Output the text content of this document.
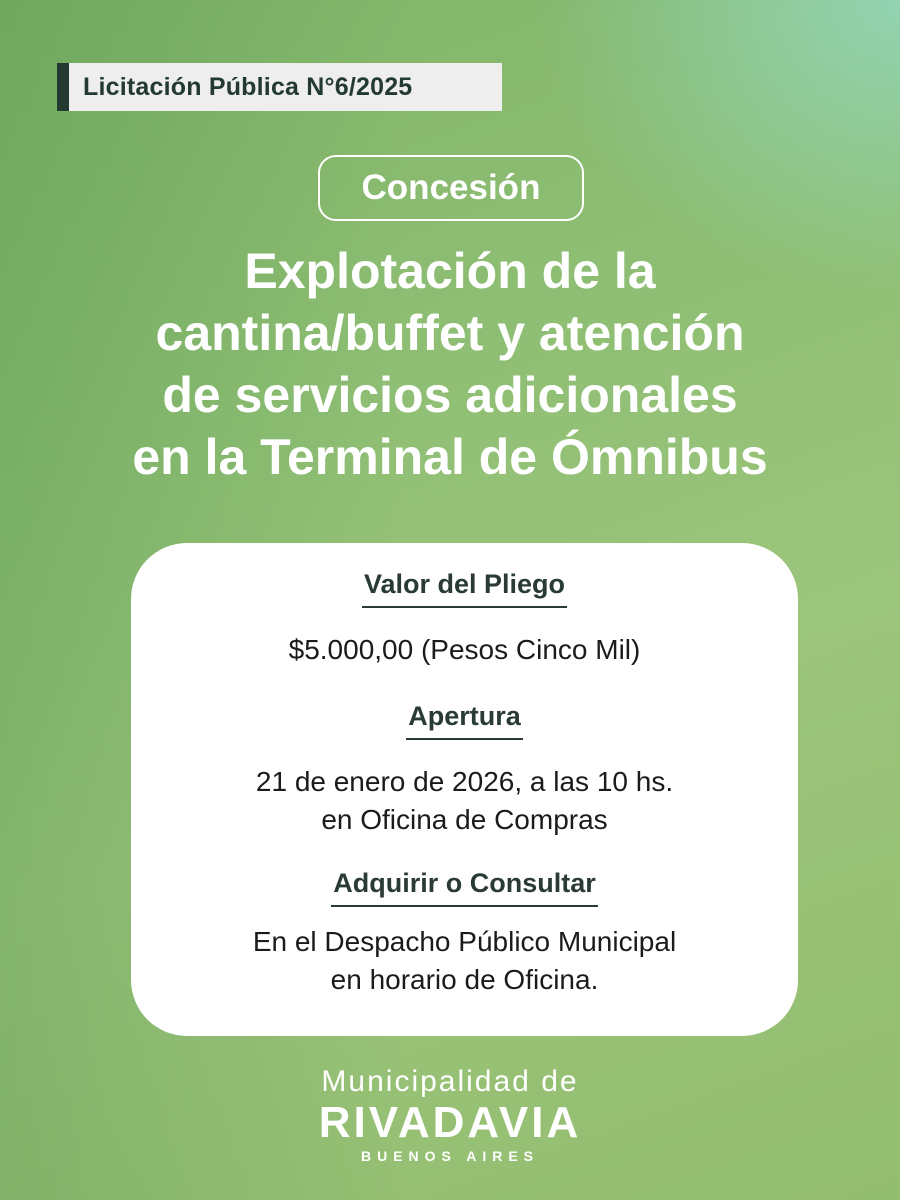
Licitación Pública N°6/2025
Concesión
Explotación de la
cantina/buffet y atención
de servicios adicionales
en la Terminal de Ómnibus
Valor del Pliego
$5.000,00 (Pesos Cinco Mil)
Apertura
21 de enero de 2026, a las 10 hs.
en Oficina de Compras
Adquirir o Consultar
En el Despacho Público Municipal
en horario de Oficina.
Municipalidad de
RIVADAVIA
BUENOS AIRES
